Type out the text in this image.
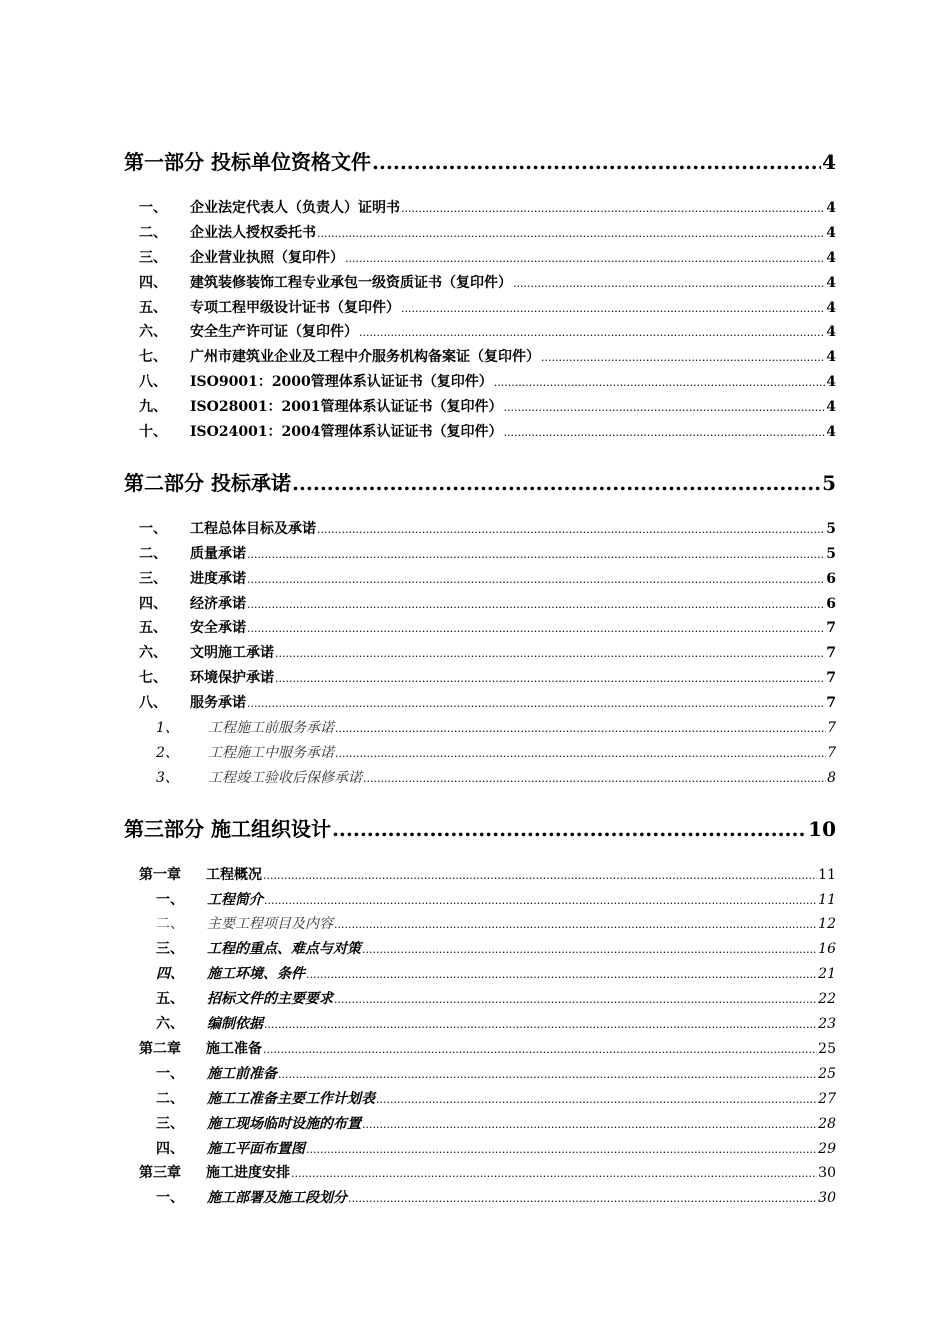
第一部分 投标单位资格文件 .....	4
一、	企业法定代表人（负责人）证明书 .....	4
二、	企业法人授权委托书 .....	4
三、	企业营业执照（复印件） .....	4
四、	建筑装修装饰工程专业承包一级资质证书（复印件） .....	4
五、	专项工程甲级设计证书（复印件） .....	4
六、	安全生产许可证（复印件） .....	4
七、	广州市建筑业企业及工程中介服务机构备案证（复印件） .....	4
八、	ISO9001：2000管理体系认证证书（复印件） .....	4
九、	ISO28001：2001管理体系认证证书（复印件） .....	4
十、	ISO24001：2004管理体系认证证书（复印件） .....	4
第二部分 投标承诺 .....	5
一、	工程总体目标及承诺 .....	5
二、	质量承诺 .....	5
三、	进度承诺 .....	6
四、	经济承诺 .....	6
五、	安全承诺 .....	7
六、	文明施工承诺 .....	7
七、	环境保护承诺 .....	7
八、	服务承诺 .....	7
1、	工程施工前服务承诺 .....	7
2、	工程施工中服务承诺 .....	7
3、	工程竣工验收后保修承诺 .....	8
第三部分 施工组织设计 .....	10
第一章	工程概况 .....	11
一、	工程简介 .....	11
二、	主要工程项目及内容 .....	12
三、	工程的重点、难点与对策 .....	16
四、	施工环境、条件 .....	21
五、	招标文件的主要要求 .....	22
六、	编制依据 .....	23
第二章	施工准备 .....	25
一、	施工前准备 .....	25
二、	施工工准备主要工作计划表 .....	27
三、	施工现场临时设施的布置 .....	28
四、	施工平面布置图 .....	29
第三章	施工进度安排 .....	30
一、	施工部署及施工段划分 .....	30
